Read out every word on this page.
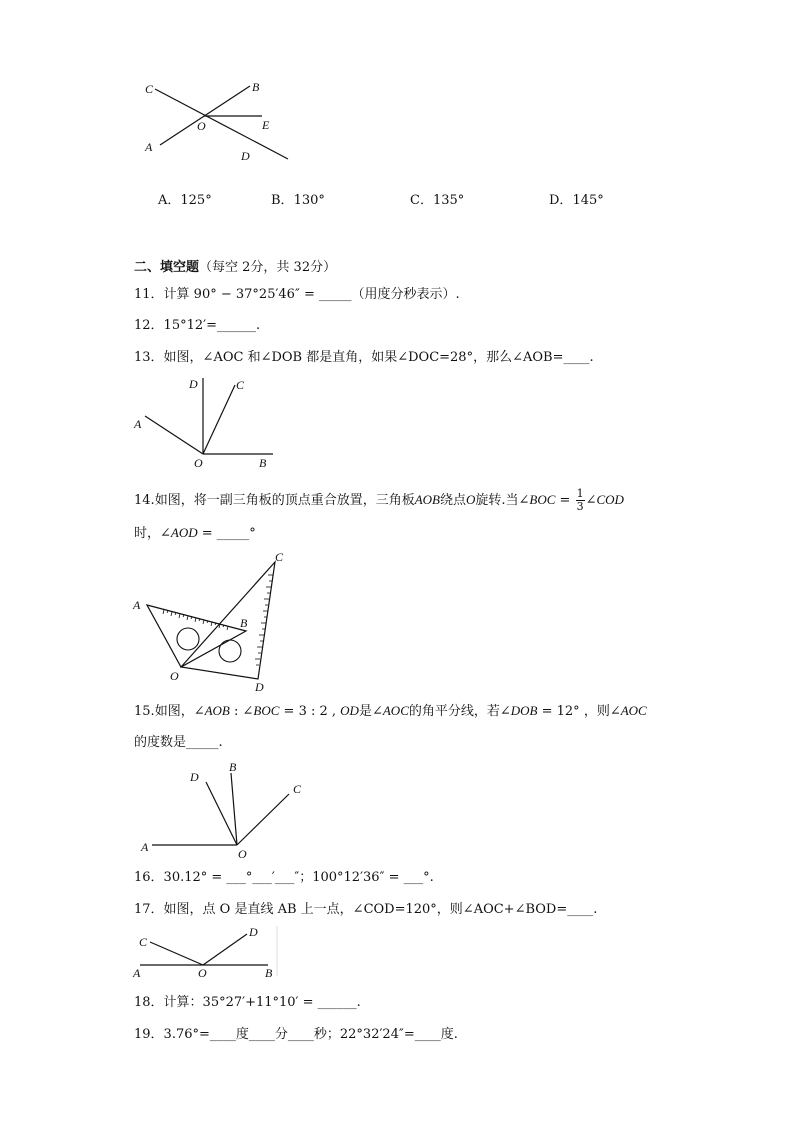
C	B
O	E
A
D
A．125°	B．130°	C．135°	D．145°
二、填空题（每空 2分，共 32分）
11．计算 90° − 37°25′46″ = _____（用度分秒表示）.
12．15°12′=______.
13．如图，∠AOC 和∠DOB 都是直角，如果∠DOC=28°，那么∠AOB=____.
D	C
A
O	B
14.如图，将一副三角板的顶点重合放置，三角板AOB绕点O旋转.当∠BOC = $\frac{1}{3}$ ∠COD
时，∠AOD = _____°
A
B
C
O
D
15.如图，∠AOB : ∠BOC = 3 : 2 , OD是∠AOC的角平分线，若∠DOB = 12° ，则∠AOC
的度数是_____.
D
B
C
A	O
16．30.12° = ___°___′___″；100°12′36″ = ___°.
17．如图，点 O 是直线 AB 上一点，∠COD=120°，则∠AOC+∠BOD=____.
C
D
A	O	B
18．计算：35°27′+11°10′ = ______.
19．3.76°=____度____分____秒；22°32′24″=____度.
